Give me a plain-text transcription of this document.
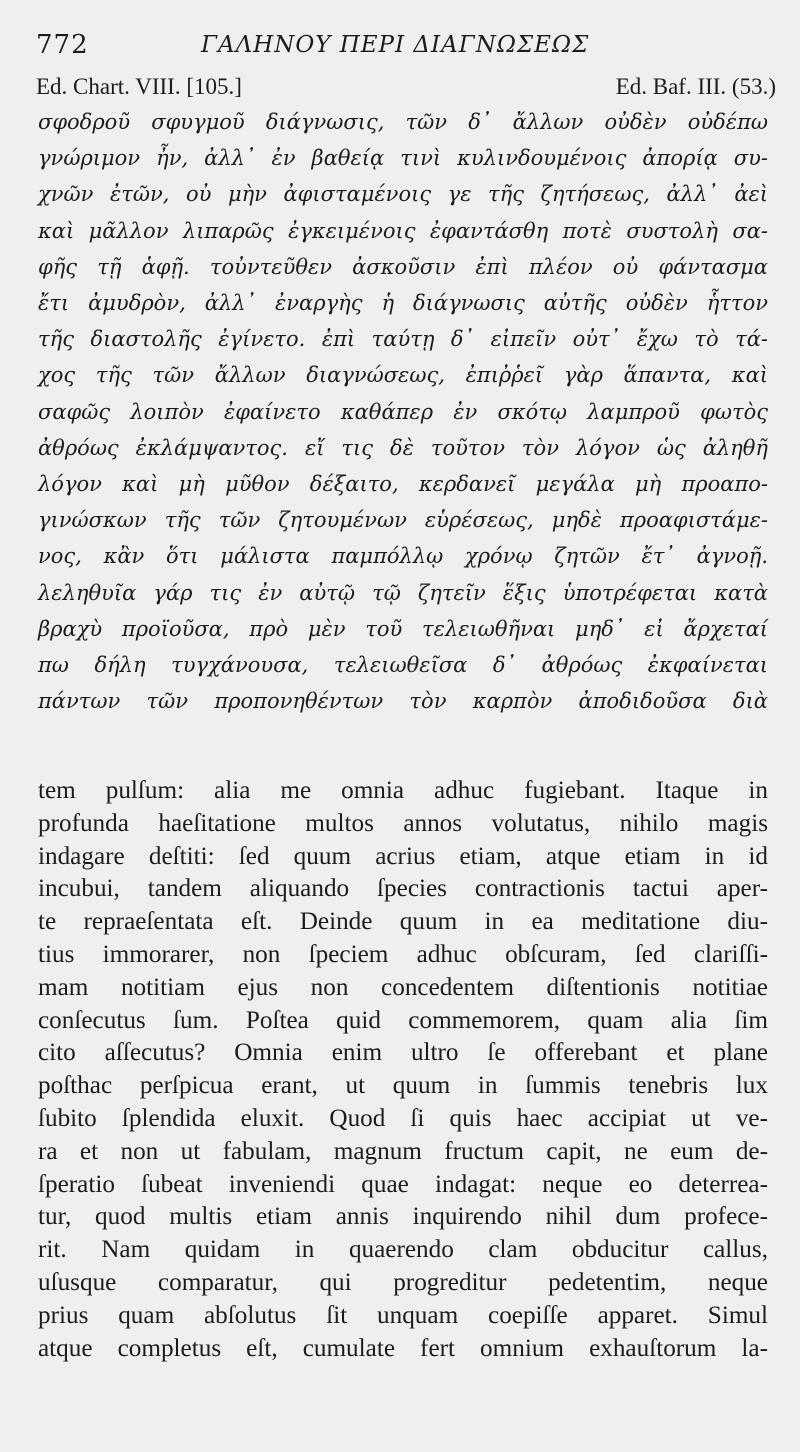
772	ΓΑΛΗΝΟΥ ΠΕΡΙ ΔΙΑΓΝΩΣΕΩΣ
Ed. Chart. VIII. [105.]	Ed. Baf. III. (53.)
σφοδροῦ σφυγμοῦ διάγνωσις, τῶν δ᾽ ἄλλων οὐδὲν οὐδέπω
γνώριμον ἦν, ἀλλ᾽ ἐν βαθείᾳ τινὶ κυλινδουμένοις ἀπορίᾳ συ-
χνῶν ἐτῶν, οὐ μὴν ἀφισταμένοις γε τῆς ζητήσεως, ἀλλ᾽ ἀεὶ
καὶ μᾶλλον λιπαρῶς ἐγκειμένοις ἐφαντάσθη ποτὲ συστολὴ σα-
φῆς τῇ ἁφῇ. τοὐντεῦθεν ἀσκοῦσιν ἐπὶ πλέον οὐ φάντασμα
ἔτι ἀμυδρὸν, ἀλλ᾽ ἐναργὴς ἡ διάγνωσις αὐτῆς οὐδὲν ἧττον
τῆς διαστολῆς ἐγίνετο. ἐπὶ ταύτῃ δ᾽ εἰπεῖν οὐτ᾽ ἔχω τὸ τά-
χος τῆς τῶν ἄλλων διαγνώσεως, ἐπιῤῥεῖ γὰρ ἅπαντα, καὶ
σαφῶς λοιπὸν ἐφαίνετο καθάπερ ἐν σκότῳ λαμπροῦ φωτὸς
ἀθρόως ἐκλάμψαντος. εἴ τις δὲ τοῦτον τὸν λόγον ὡς ἀληθῆ
λόγον καὶ μὴ μῦθον δέξαιτο, κερδανεῖ μεγάλα μὴ προαπο-
γινώσκων τῆς τῶν ζητουμένων εὑρέσεως, μηδὲ προαφιστάμε-
νος, κἂν ὅτι μάλιστα παμπόλλῳ χρόνῳ ζητῶν ἔτ᾽ ἀγνοῇ.
λεληθυῖα γάρ τις ἐν αὐτῷ τῷ ζητεῖν ἕξις ὑποτρέφεται κατὰ
βραχὺ προϊοῦσα, πρὸ μὲν τοῦ τελειωθῆναι μηδ᾽ εἰ ἄρχεταί
πω δήλη τυγχάνουσα, τελειωθεῖσα δ᾽ ἀθρόως ἐκφαίνεται
πάντων τῶν προπονηθέντων τὸν καρπὸν ἀποδιδοῦσα διὰ
tem pulſum: alia me omnia adhuc fugiebant. Itaque in
profunda haeſitatione multos annos volutatus, nihilo magis
indagare deſtiti: ſed quum acrius etiam, atque etiam in id
incubui, tandem aliquando ſpecies contractionis tactui aper-
te repraeſentata eſt. Deinde quum in ea meditatione diu-
tius immorarer, non ſpeciem adhuc obſcuram, ſed clariſſi-
mam notitiam ejus non concedentem diſtentionis notitiae
conſecutus ſum. Poſtea quid commemorem, quam alia ſim
cito aſſecutus? Omnia enim ultro ſe offerebant et plane
poſthac perſpicua erant, ut quum in ſummis tenebris lux
ſubito ſplendida eluxit. Quod ſi quis haec accipiat ut ve-
ra et non ut fabulam, magnum fructum capit, ne eum de-
ſperatio ſubeat inveniendi quae indagat: neque eo deterrea-
tur, quod multis etiam annis inquirendo nihil dum profece-
rit. Nam quidam in quaerendo clam obducitur callus,
uſusque comparatur, qui progreditur pedetentim, neque
prius quam abſolutus ſit unquam coepiſſe apparet. Simul
atque completus eſt, cumulate fert omnium exhauſtorum la-
